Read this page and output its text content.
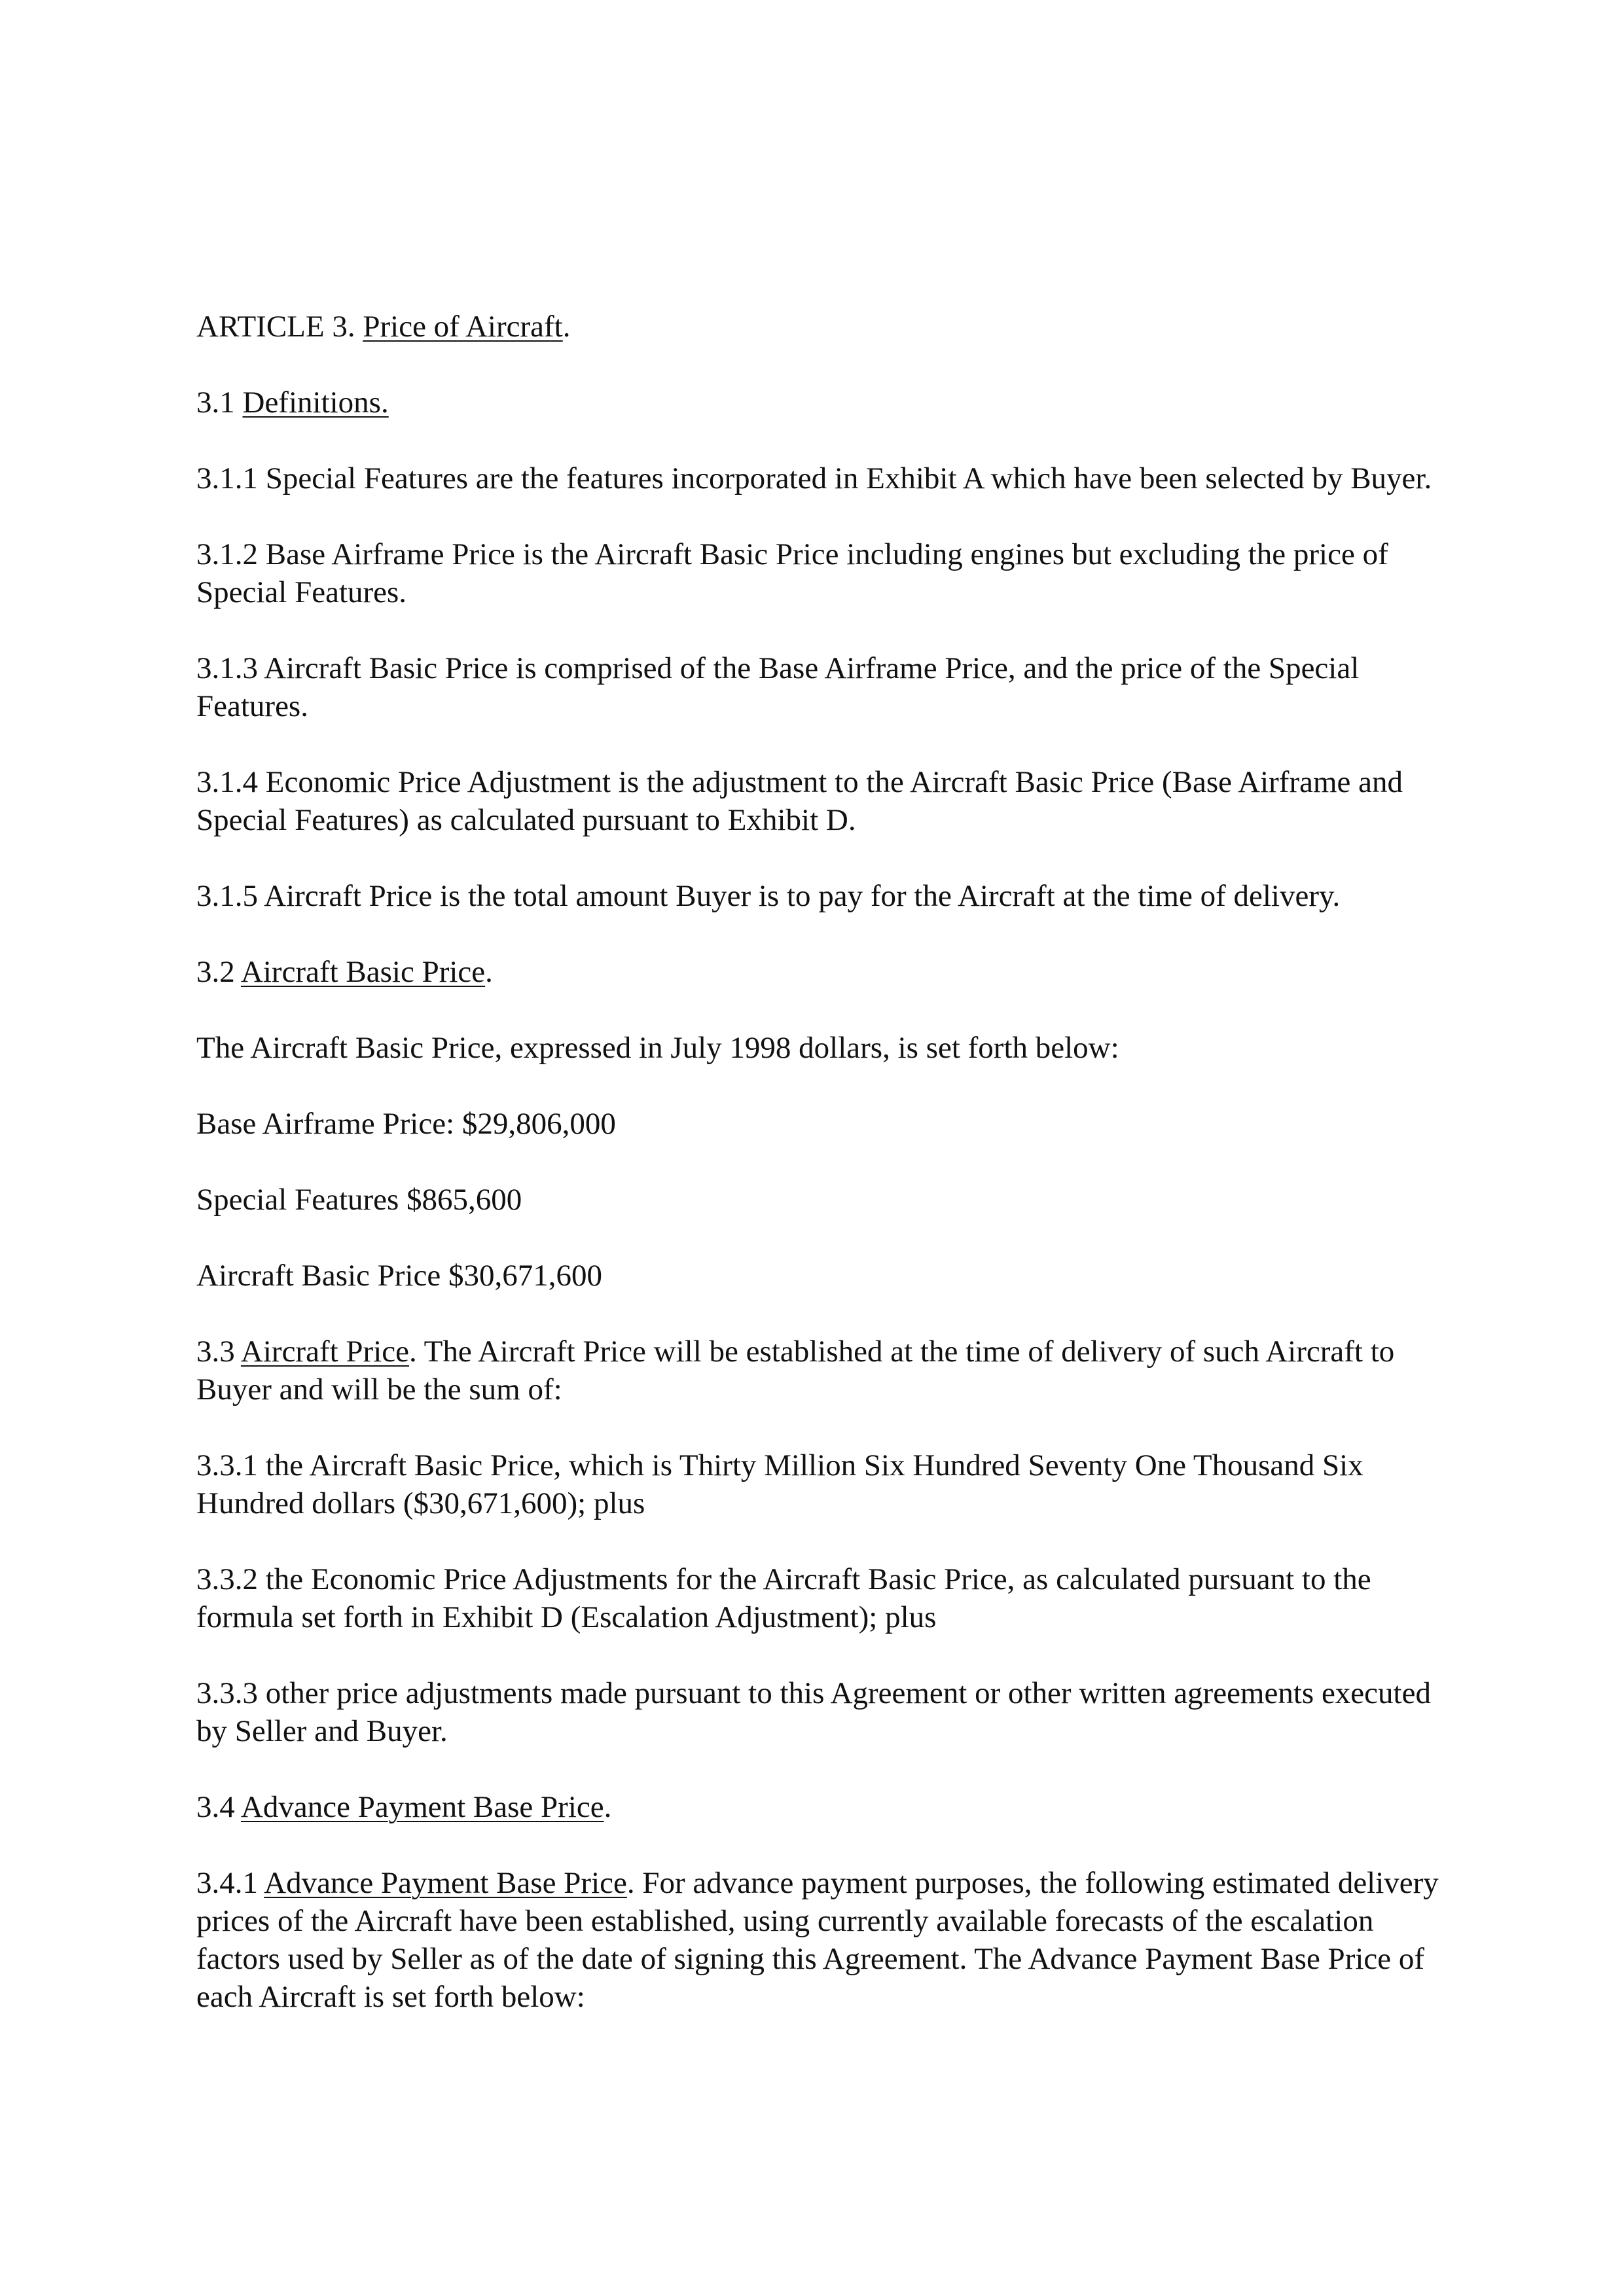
ARTICLE 3. Price of Aircraft.

3.1 Definitions.

3.1.1 Special Features are the features incorporated in Exhibit A which have been selected by Buyer.

3.1.2 Base Airframe Price is the Aircraft Basic Price including engines but excluding the price of Special Features.

3.1.3 Aircraft Basic Price is comprised of the Base Airframe Price, and the price of the Special Features.

3.1.4 Economic Price Adjustment is the adjustment to the Aircraft Basic Price (Base Airframe and Special Features) as calculated pursuant to Exhibit D.

3.1.5 Aircraft Price is the total amount Buyer is to pay for the Aircraft at the time of delivery.

3.2 Aircraft Basic Price.

The Aircraft Basic Price, expressed in July 1998 dollars, is set forth below:

Base Airframe Price: $29,806,000

Special Features $865,600

Aircraft Basic Price $30,671,600

3.3 Aircraft Price. The Aircraft Price will be established at the time of delivery of such Aircraft to Buyer and will be the sum of:

3.3.1 the Aircraft Basic Price, which is Thirty Million Six Hundred Seventy One Thousand Six Hundred dollars ($30,671,600); plus

3.3.2 the Economic Price Adjustments for the Aircraft Basic Price, as calculated pursuant to the formula set forth in Exhibit D (Escalation Adjustment); plus

3.3.3 other price adjustments made pursuant to this Agreement or other written agreements executed by Seller and Buyer.

3.4 Advance Payment Base Price.

3.4.1 Advance Payment Base Price. For advance payment purposes, the following estimated delivery prices of the Aircraft have been established, using currently available forecasts of the escalation factors used by Seller as of the date of signing this Agreement. The Advance Payment Base Price of each Aircraft is set forth below:
